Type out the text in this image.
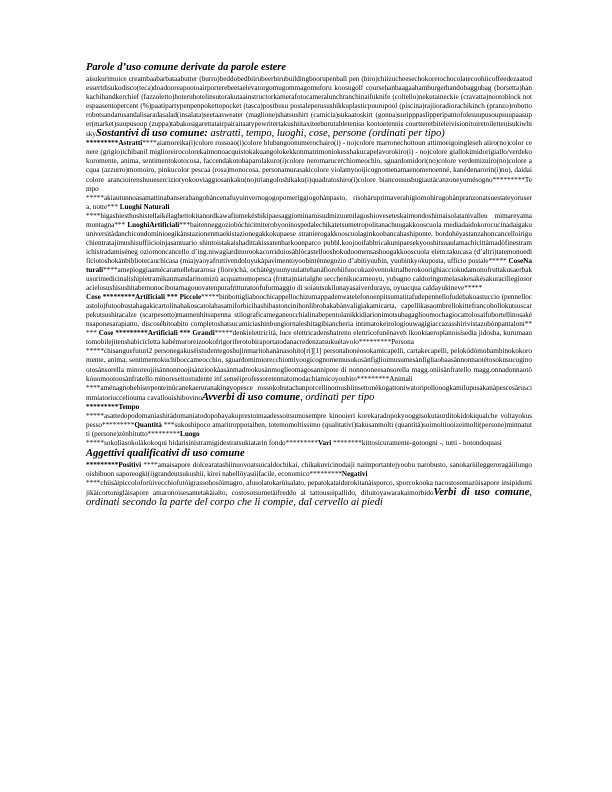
Parole d’uso comune derivate da parole estere

aisukurimuice creambaabarbataabutter (burro)beddobedbiirubeerbirubuildingboorupenball pen (biro)chiizucheesechokoretochocolatecoohiicoffeedezaatodessertdisukodisco(teca)doadooreapootoairporterebeetaelevatorgomugommagomuforu koosugolf coursehanbaagaahamburgerhandobaggubag (borsetta)hankachihandkerchief (fazzoletto)hoteruhotelinsutorakutaainstructorkamerafotocameralunchranchinaifuknife (coltello)nekutaineckie (cravatta)nootoblock notespaasentopercent (%)paatipartypenpenpokettopocket (tasca)postbusu postaleperusushikkuplasticpuurupool (piscina)rajiioradiorachikinch (pranzo)robottorobotsandarusandalisaradasalad(insalata)seetaasweater (maglione)shatsushirt (camicia)sukaatoskirt (gonna)suripppaslipperipantofolesuupusoupsuupaasuper(market)suupusoup (zuppa)tabakosigarettatairpairaitaatypewritertakushiitaxiteeburutabletenisu kootoetennis courtteretbiteleivisionitoiretoiletteuisukiwhiskySostantivi di uso comune: astratti, tempo, luoghi, cose, persone (ordinati per tipo)

*********Astratti****aiamoreika(i)colore rossoao(i)colore blubangoonumerochairo(i) - no)colore marronechottoun attimoeigoingleseh aiiro(no)color cenere (grigio)ichibanil miglioreirocolorekaimonoacquistokakuangolokekkonmatrimoniokesshakucapelavorokiro(i) - no)colore giallokimidorigiallo/verdekokoromente, anima, sentimentokotocosa, faccendakotobaparolakuro(i)colore neromarucerchiomeochio, sguardomidori(no)colore verdemizuiro(no)colore acqua (azzurro)momoiro, pinkucolor pescaa (rosa)monocosa, personamurasakicolore violamyooijicognomenamaenomenoenné, kanédenarorin(i)no), daidaicolore arancioirenshuuesercizioryokooviaggiosankaku(no)triangoloshikaku(i)quadratoshiro(i)colore biancoususbugiautàcanzoneyumésogno*********Tempo

*****akiautunnoasamattinabanserabangohàncenafuyuinvernogogopomeriggiogohànpasto, risohàruprimaverahigiornohirugohànpranzonatsuestateyorusera, notte*** Luoghi Naturali

****higashiesthoshistellaikélaghettokitanordkawafiumekéshikipaesaggiominamisudmizuumilagoshioveseteskaimondoshimaisolatanivalleu mimareyamamontagna*** LuoghiArtificiali***baitenneggoziobóchicimiterobyooinospedalechikatetsumetropolitanachuugakkooscuola mediadaidokorocucinadaigakuuniversitàdanchicondominioegikànstazionenmaekistazionegakkokupaese stranierogakkooscuolaginkoobancahashiponte, bordohéyastanzahoncancelloiriguchientratajimushisuffiicioinjasantuario shintoistakaishadittakissatenbarkoonparco pubbl.koojooifabbricakunipaesekyooshitsuaulamachicittàmadòfinestramichistradamiséneg oziomoncancello d’ing.niwagiardinorookacorridoiosàhlòcastellooshokudoomensashoogakkooscuola elem.takucasa (d’altri)tatemonoedificiotoshokànbibliotecauchicasa (mia)yaoyafruttivendoloyukàpavimentoyoobinténnegozio d’abitiyuubin, yuubinkyokuposta, ufficio postale***** CoseNaturali****amepioggiaamécaramellebararosa (fiore)chà, ochàtègyuunyuulattehanáfiorehiifuocokazèventokinalberokoorighiacciokudamonofruttakusaerbakusurimedicinalishipietramikanmandarinomizù acquamomopesca (frutta)niarialghe secchenikucarneoyu, yubagno caldoringomelasakesakésakuraciliegiosoracielosushisushitabemonocibotamagouovatenpurafritturatoofuformaggio di soiautsukilunayasaiverdurayu, oyuacqua caldayukineve*****

Cose *********Artificiali *** Piccole*****binbottigliaboochicappellochizumappadenwatelefonoenpitsumatitafudepennellofudebakoastuccio (pennellocastolo)futoobustahagakicartolinahakoscatolahasamiforbicihashibastoncinihonlibrobakabànvaligiakamicarta, capellikasaombrellokittefrancobollokutsuscarpekutsushitacalze (scarpesotto)mannenhitsupenna stilograficameganeocchialinabepentolanikkidiarionimotsubagaglioomochagiocattolosaifubortellinosakénsaponesarapiatto, discosébitoabito completoshatsucamiciashinbungiornaleshitagibiancheria intimatokeirologiouwagigiaccazasshirivistazubònpantaloni***** Cose *********Artificiali *** Grandi*****denkielettricità, luce elettricadenshatreno elettricofunènaveh ikookiaeroplanoisisedia jidosha, kurumaautomobilejitenshabicicletta kabémuroreizookofrigoriferotobiraportatodanacredenzatsukuétavolo*********Persona

*****chisanguefuturi2 personegakuséistudentegoshujinmaritohanànasohito[ri][1] personahonéosokamicapelli, cartakecapelli, pelokódómobambinokokoromente, anima, sentimentokuchiboccameocchio, sguardomimiorecchiomiyoogicognomemusukosànfiglioimusumesànfigliaobaasànnonnaotétosoknsucuginootosànsorella minoreojiisànnonnoojisànziookàasànmadreokusànmoglieomagosannipote di nonnooneesansorella magg.oniisànfratello magg.onnadonnaotòkòuomootoosànfratello minoreseitostudente inf.senséiprofessoretennatomodachiamicoyoubito*********Animali

****aménagnohebiserpenteinùcanekaeruranakingyopesce rossokobutachanporcellinomushiinsettonèkogattoniwatoripollooogkamilupusakanàpescesàruscimmiatoriucceliouma cavallouishibovinoAvverbi di uso comune, ordinati per tipo

*********Tempo
*****asattedopodomaniashitàdomaniatodopohayakuprestoimaadessoitsumosempre kinooieri korekaradopokyooggisokutaurditokidokiqualche voltayokuspesso*********Quantità ***sukoshipoco amaritroppotaihen, totemomoltissimo (qualitativi)takusanmolti (quantità)soimoltiooizeimolti(persone)minnatutti (persone)zènbitutto*********Luogo
*****sokolìasokolàkokoqui hidarisinistramigidestratsukiatarin fondo*********Vari ********kittosicuramente-gotoogni -, tutti - hotondoquasi

Aggettivi qualificativi di uso comune

*********Positivi ****amaisapore dolcearatashiinuovoatsuicaldochikai, chikakuvicinodaiji naimportanteјyoobu narobusto, sanokarùileggeroragàiilungooishibuon saporeogki(i)grandeutsukushii, kirei nabellöyasúifacile, economico*********Negativi
****chiisàipiccoloforùivecchiofutóigrassohosòimagro, afusolatokarùisalato, pepatokataidurokitanàisporco, sporcokooka nacostosomazùisapore insipidomijikàicortoniglàisapore amaronoisesantetakàialto, costosotsumetàifreddo al tattousuipallido, diluitoyawarakaimorbidoVerbi di uso comune, ordinati secondo la parte del corpo che li compie, dal cervello ai piedi
